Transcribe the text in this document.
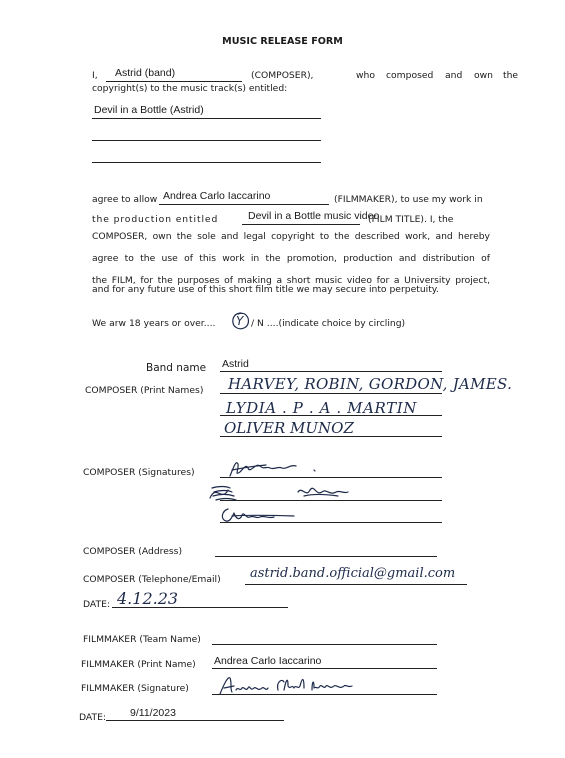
MUSIC RELEASE FORM
I, Astrid (band)	(COMPOSER),	who composed and own the
copyright(s) to the music track(s) entitled:
Devil in a Bottle (Astrid)
agree to allow Andrea Carlo Iaccarino	(FILMMAKER), to use my work in
the production entitled	Devil in a Bottle music video
(FILM TITLE). I, the
COMPOSER, own the sole and legal copyright to the described work, and hereby
agree to the use of this work in the promotion, production and distribution of
the FILM, for the purposes of making a short music video for a University project,
and for any future use of this short film title we may secure into perpetuity.
We arw 18 years or over.... Y / N ....(indicate choice by circling)
Band name Astrid
COMPOSER (Print Names) HARVEY, ROBIN, GORDON, JAMES.
LYDIA . P . A . MARTIN
OLIVER MUNOZ
COMPOSER (Signatures)
COMPOSER (Address)
COMPOSER (Telephone/Email) astrid.band.official@gmail.com
DATE: 4.12.23
FILMMAKER (Team Name)
FILMMAKER (Print Name) Andrea Carlo Iaccarino
FILMMAKER (Signature)
DATE: 9/11/2023
